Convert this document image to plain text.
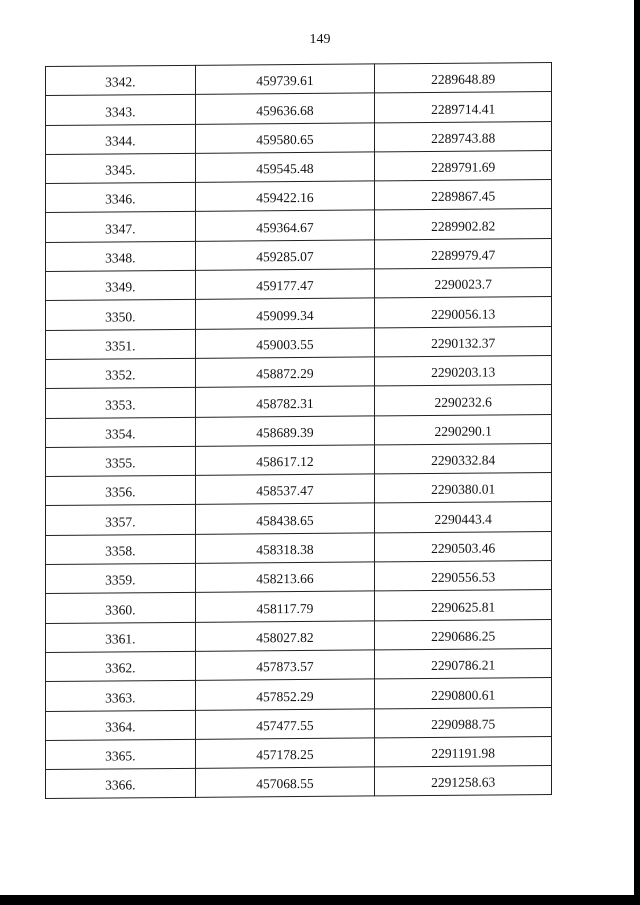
149
3342.	459739.61	2289648.89
3343.	459636.68	2289714.41
3344.	459580.65	2289743.88
3345.	459545.48	2289791.69
3346.	459422.16	2289867.45
3347.	459364.67	2289902.82
3348.	459285.07	2289979.47
3349.	459177.47	2290023.7
3350.	459099.34	2290056.13
3351.	459003.55	2290132.37
3352.	458872.29	2290203.13
3353.	458782.31	2290232.6
3354.	458689.39	2290290.1
3355.	458617.12	2290332.84
3356.	458537.47	2290380.01
3357.	458438.65	2290443.4
3358.	458318.38	2290503.46
3359.	458213.66	2290556.53
3360.	458117.79	2290625.81
3361.	458027.82	2290686.25
3362.	457873.57	2290786.21
3363.	457852.29	2290800.61
3364.	457477.55	2290988.75
3365.	457178.25	2291191.98
3366.	457068.55	2291258.63
